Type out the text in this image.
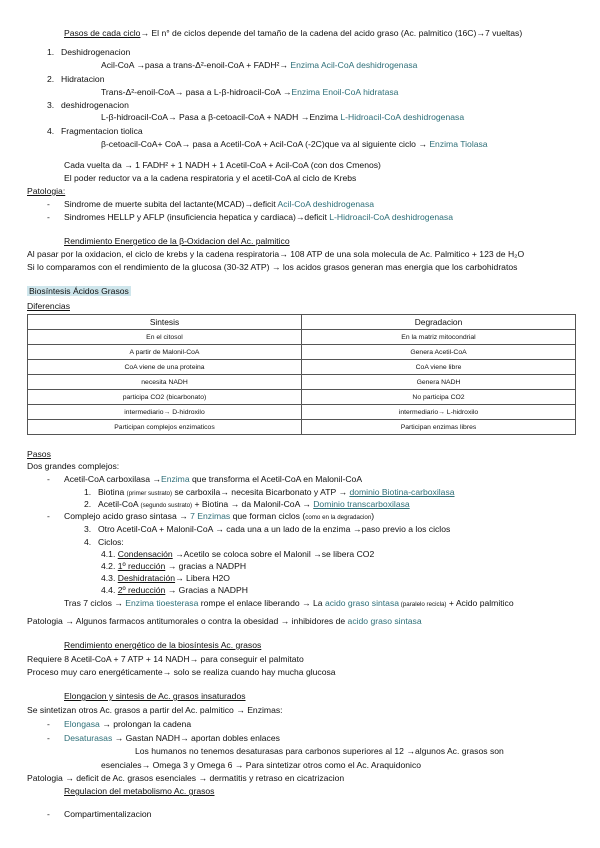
Pasos de cada ciclo→ El n° de ciclos depende del tamaño de la cadena del acido graso (Ac. palmitico (16C)→7 vueltas)
1. Deshidrogenacion
Acil-CoA →pasa a trans-Δ²-enoil-CoA + FADH²→ Enzima Acil-CoA deshidrogenasa
2. Hidratacion
Trans-Δ²-enoil-CoA→ pasa a L-β-hidroacil-CoA →Enzima Enoil-CoA hidratasa
3. deshidrogenacion
L-β-hidroacil-CoA→ Pasa a β-cetoacil-CoA + NADH →Enzima L-Hidroacil-CoA deshidrogenasa
4. Fragmentacion tiolica
β-cetoacil-CoA+ CoA→ pasa a Acetil-CoA + Acil-CoA (-2C)que va al siguiente ciclo → Enzima Tiolasa
Cada vuelta da → 1 FADH² + 1 NADH + 1 Acetil-CoA + Acil-CoA (con dos Cmenos)
El poder reductor va a la cadena respiratoria y el acetil-CoA al ciclo de Krebs
Patologia:
- Sindrome de muerte subita del lactante(MCAD)→deficit Acil-CoA deshidrogenasa
- Sindromes HELLP y AFLP (insuficiencia hepatica y cardiaca)→deficit L-Hidroacil-CoA deshidrogenasa
Rendimiento Energetico de la β-Oxidacion del Ac. palmitico
Al pasar por la oxidacion, el ciclo de krebs y la cadena respiratoria→ 108 ATP de una sola molecula de Ac. Palmitico + 123 de H₂O
Si lo comparamos con el rendimiento de la glucosa (30-32 ATP) → los acidos grasos generan mas energia que los carbohidratos
Biosíntesis Ácidos Grasos
Diferencias
Sintesis	Degradacion
En el citosol	En la matriz mitocondrial
A partir de Malonil-CoA	Genera Acetil-CoA
CoA viene de una proteina	CoA viene libre
necesita NADH	Genera NADH
participa CO2 (bicarbonato)	No participa CO2
intermediario→ D-hidroxilo	intermediario→ L-hidroxilo
Participan complejos enzimaticos	Participan enzimas libres
Pasos
Dos grandes complejos:
- Acetil-CoA carboxilasa →Enzima que transforma el Acetil-CoA en Malonil-CoA
1. Biotina (primer sustrato) se carboxila→ necesita Bicarbonato y ATP → dominio Biotina-carboxilasa
2. Acetil-CoA (segundo sustrato) + Biotina → da Malonil-CoA → Dominio transcarboxilasa
- Complejo acido graso sintasa → 7 Enzimas que forman ciclos (como en la degradacion)
3. Otro Acetil-CoA + Malonil-CoA → cada una a un lado de la enzima →paso previo a los ciclos
4. Ciclos:
4.1. Condensación →Acetilo se coloca sobre el Malonil →se libera CO2
4.2. 1º reducción → gracias a NADPH
4.3. Deshidratación→ Libera H2O
4.4. 2º reducción → Gracias a NADPH
Tras 7 ciclos → Enzima tioesterasa rompe el enlace liberando → La acido graso sintasa (paralelo recicla) + Acido palmitico
Patologia → Algunos farmacos antitumorales o contra la obesidad → inhibidores de acido graso sintasa
Rendimiento energético de la biosíntesis Ac. grasos
Requiere 8 Acetil-CoA + 7 ATP + 14 NADH→ para conseguir el palmitato
Proceso muy caro energéticamente→ solo se realiza cuando hay mucha glucosa
Elongacion y sintesis de Ac. grasos insaturados
Se sintetizan otros Ac. grasos a partir del Ac. palmitico → Enzimas:
- Elongasa → prolongan la cadena
- Desaturasas → Gastan NADH→ aportan dobles enlaces
Los humanos no tenemos desaturasas para carbonos superiores al 12 →algunos Ac. grasos son
esenciales→ Omega 3 y Omega 6 → Para sintetizar otros como el Ac. Araquidonico
Patologia → deficit de Ac. grasos esenciales → dermatitis y retraso en cicatrizacion
Regulacion del metabolismo Ac. grasos
- Compartimentalizacion
